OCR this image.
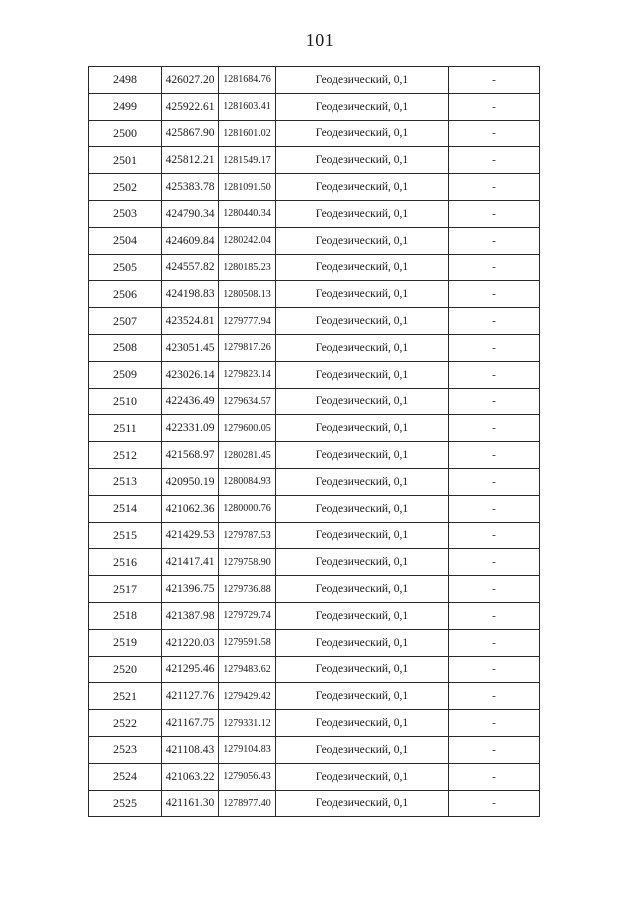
101
2498	426027.20	1281684.76	Геодезический, 0,1	-
2499	425922.61	1281603.41	Геодезический, 0,1	-
2500	425867.90	1281601.02	Геодезический, 0,1	-
2501	425812.21	1281549.17	Геодезический, 0,1	-
2502	425383.78	1281091.50	Геодезический, 0,1	-
2503	424790.34	1280440.34	Геодезический, 0,1	-
2504	424609.84	1280242.04	Геодезический, 0,1	-
2505	424557.82	1280185.23	Геодезический, 0,1	-
2506	424198.83	1280508.13	Геодезический, 0,1	-
2507	423524.81	1279777.94	Геодезический, 0,1	-
2508	423051.45	1279817.26	Геодезический, 0,1	-
2509	423026.14	1279823.14	Геодезический, 0,1	-
2510	422436.49	1279634.57	Геодезический, 0,1	-
2511	422331.09	1279600.05	Геодезический, 0,1	-
2512	421568.97	1280281.45	Геодезический, 0,1	-
2513	420950.19	1280084.93	Геодезический, 0,1	-
2514	421062.36	1280000.76	Геодезический, 0,1	-
2515	421429.53	1279787.53	Геодезический, 0,1	-
2516	421417.41	1279758.90	Геодезический, 0,1	-
2517	421396.75	1279736.88	Геодезический, 0,1	-
2518	421387.98	1279729.74	Геодезический, 0,1	-
2519	421220.03	1279591.58	Геодезический, 0,1	-
2520	421295.46	1279483.62	Геодезический, 0,1	-
2521	421127.76	1279429.42	Геодезический, 0,1	-
2522	421167.75	1279331.12	Геодезический, 0,1	-
2523	421108.43	1279104.83	Геодезический, 0,1	-
2524	421063.22	1279056.43	Геодезический, 0,1	-
2525	421161.30	1278977.40	Геодезический, 0,1	-
